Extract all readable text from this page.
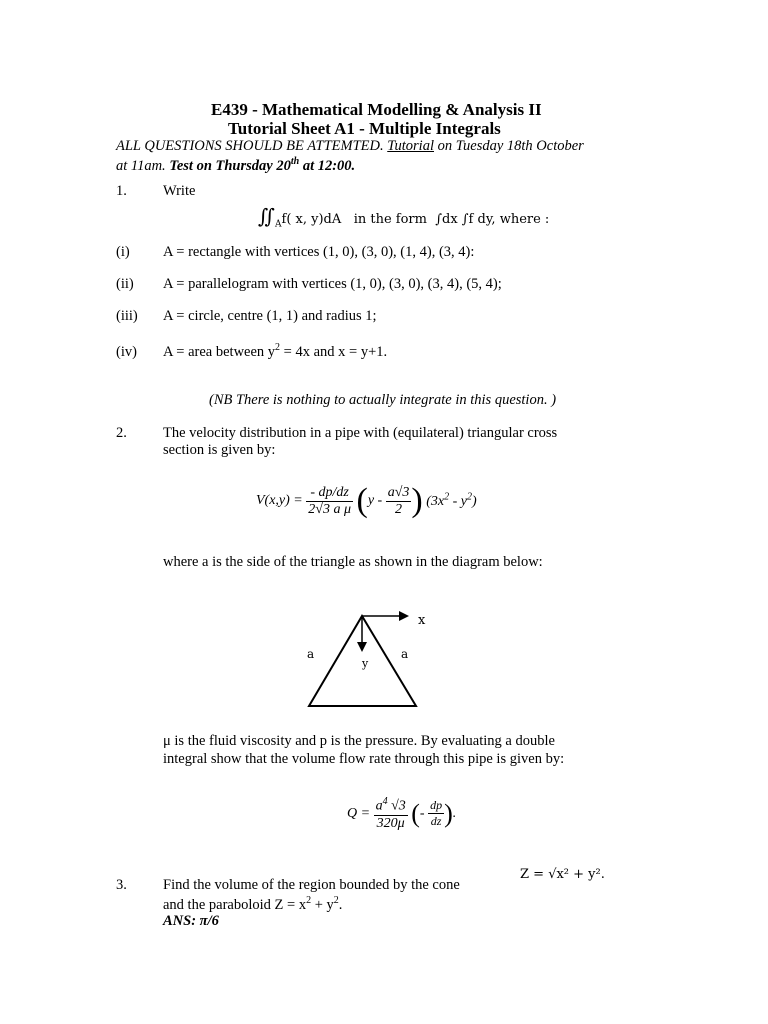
E439 - Mathematical Modelling & Analysis II
Tutorial Sheet A1 - Multiple Integrals
ALL QUESTIONS SHOULD BE ATTEMTED. Tutorial on Tuesday 18th October
at 11am. Test on Thursday 20th at 12:00.
1. Write
$∬_Af$( x, y)dA in the form ∫dx ∫f dy, where :
(i) A = rectangle with vertices (1, 0), (3, 0), (1, 4), (3, 4):
(ii) A = parallelogram with vertices (1, 0), (3, 0), (3, 4), (5, 4);
(iii) A = circle, centre (1, 1) and radius 1;
(iv) A = area between $y^2 = 4x$ and x = y+1.
(NB There is nothing to actually integrate in this question. )
2. The velocity distribution in a pipe with (equilateral) triangular cross
section is given by:
$V(x,y) = \frac{- dp/dz}{\text{2√3 a μ}} (y - \frac{a√3}{2}$ ) $(3x^2 - y^2)$
where a is the side of the triangle as shown in the diagram below:
x
y
a	a
μ is the fluid viscosity and p is the pressure. By evaluating a double
integral show that the volume flow rate through this pipe is given by:
$Q = \frac{a^4 √3}{320\mu}$ (- $\frac{dp}{dz}$ ).
3. Find the volume of the region bounded by the cone
Z = √x² + y².
and the paraboloid $Z = x^2 + y^2$.
ANS: π/6
